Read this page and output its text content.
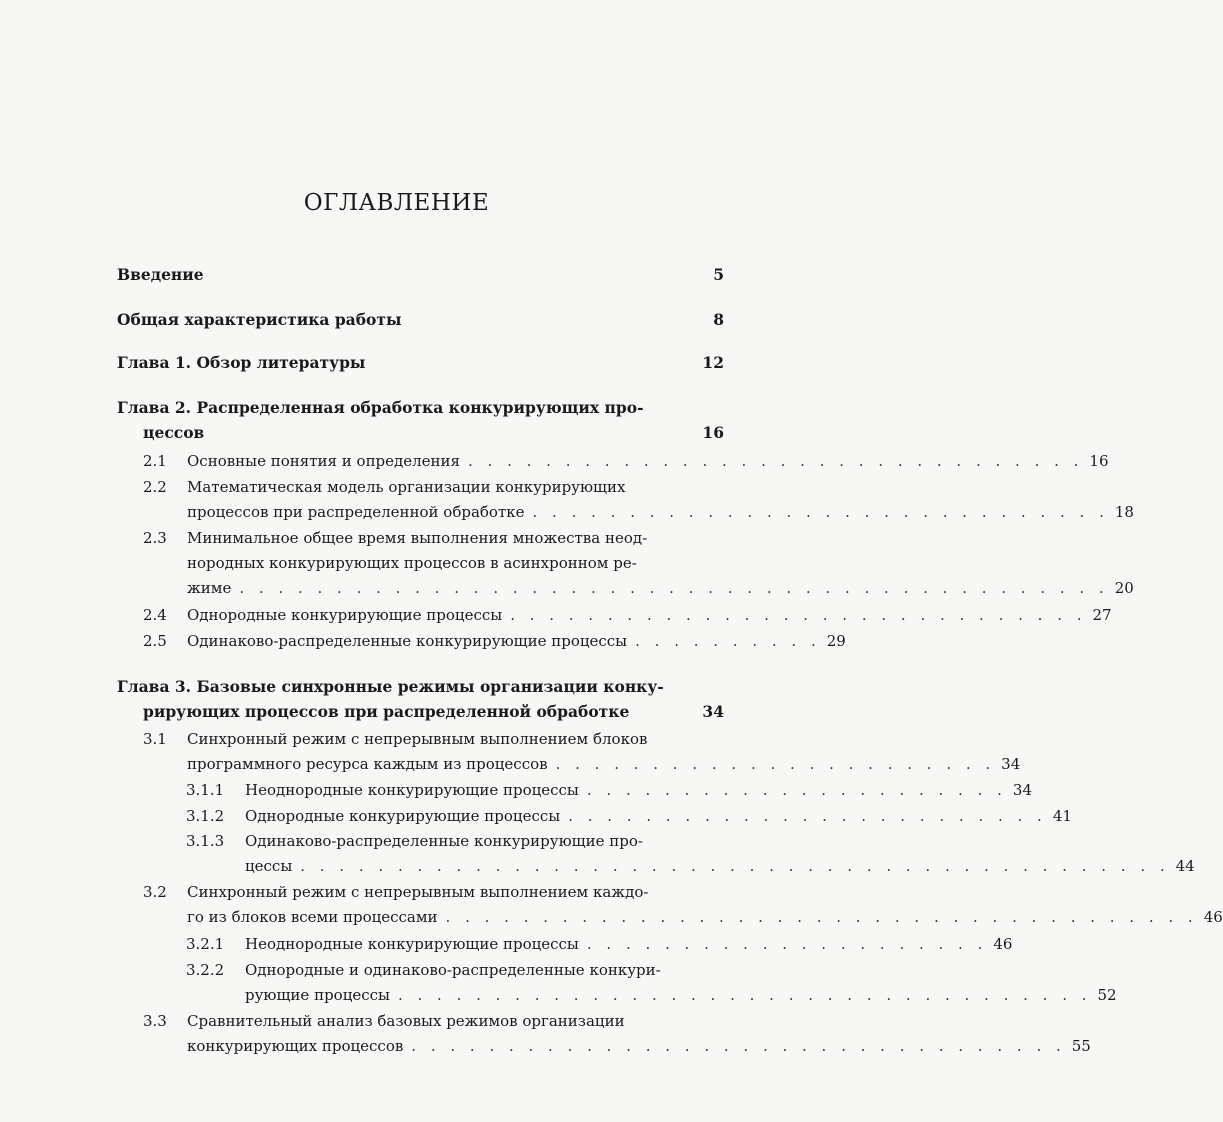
ОГЛАВЛЕНИЕ
Введение	5
Общая характеристика работы	8
Глава 1. Обзор литературы	12
Глава 2. Распределенная обработка конкурирующих про-
цессов	16
2.1 Основные понятия и определения . . . . . . . . . . . . . . . . . . . . . . . . . . . . . . . . 16
2.2	Математическая модель организации конкурирующих
процессов при распределенной обработке . . . . . . . . . . . . . . . . . . . . . . . . . . . . . . 18
2.3	Минимальное общее время выполнения множества неод-
нородных конкурирующих процессов в асинхронном ре-
жиме . . . . . . . . . . . . . . . . . . . . . . . . . . . . . . . . . . . . . . . . . . . . . 20
2.4 Однородные конкурирующие процессы . . . . . . . . . . . . . . . . . . . . . . . . . . . . . . 27
2.5 Одинаково-распределенные конкурирующие процессы . . . . . . . . . . 29
Глава 3. Базовые синхронные режимы организации конку-
рирующих процессов при распределенной обработке	34
3.1	Синхронный режим с непрерывным выполнением блоков
программного ресурса каждым из процессов . . . . . . . . . . . . . . . . . . . . . . . 34
3.1.1 Неоднородные конкурирующие процессы . . . . . . . . . . . . . . . . . . . . . . 34
3.1.2 Однородные конкурирующие процессы . . . . . . . . . . . . . . . . . . . . . . . . . 41
3.1.3	Одинаково-распределенные конкурирующие про-
цессы . . . . . . . . . . . . . . . . . . . . . . . . . . . . . . . . . . . . . . . . . . . . . 44
3.2	Синхронный режим с непрерывным выполнением каждо-
го из блоков всеми процессами . . . . . . . . . . . . . . . . . . . . . . . . . . . . . . . . . . . . . . . 46
3.2.1 Неоднородные конкурирующие процессы . . . . . . . . . . . . . . . . . . . . . 46
3.2.2	Однородные и одинаково-распределенные конкури-
рующие процессы . . . . . . . . . . . . . . . . . . . . . . . . . . . . . . . . . . . . 52
3.3	Сравнительный анализ базовых режимов организации
конкурирующих процессов . . . . . . . . . . . . . . . . . . . . . . . . . . . . . . . . . . 55
